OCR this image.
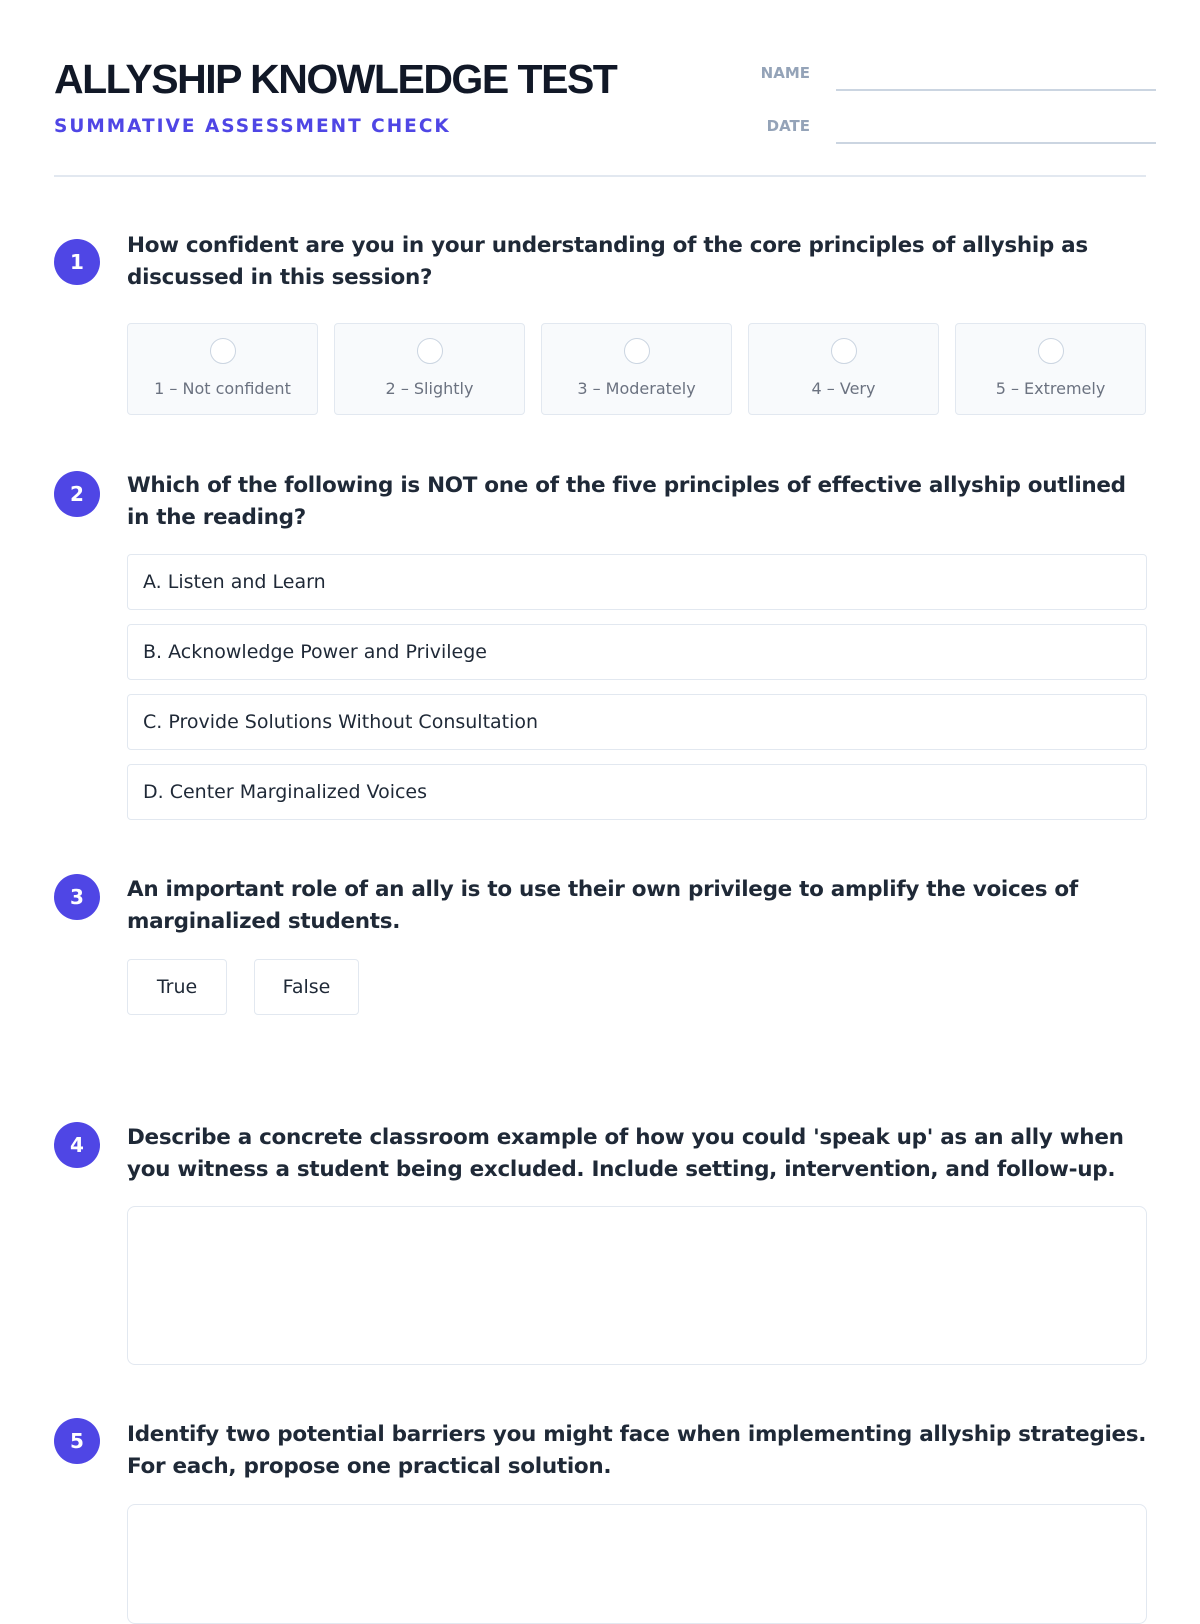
ALLYSHIP KNOWLEDGE TEST
SUMMATIVE ASSESSMENT CHECK
NAME
DATE
1
How confident are you in your understanding of the core principles of allyship as discussed in this session?
1 – Not confident	2 – Slightly	3 – Moderately	4 – Very	5 – Extremely
2	Which of the following is NOT one of the five principles of effective allyship outlined in the reading?
A. Listen and Learn
B. Acknowledge Power and Privilege
C. Provide Solutions Without Consultation
D. Center Marginalized Voices
3	An important role of an ally is to use their own privilege to amplify the voices of marginalized students.
True	False
4	Describe a concrete classroom example of how you could 'speak up' as an ally when you witness a student being excluded. Include setting, intervention, and follow-up.
5	Identify two potential barriers you might face when implementing allyship strategies. For each, propose one practical solution.
